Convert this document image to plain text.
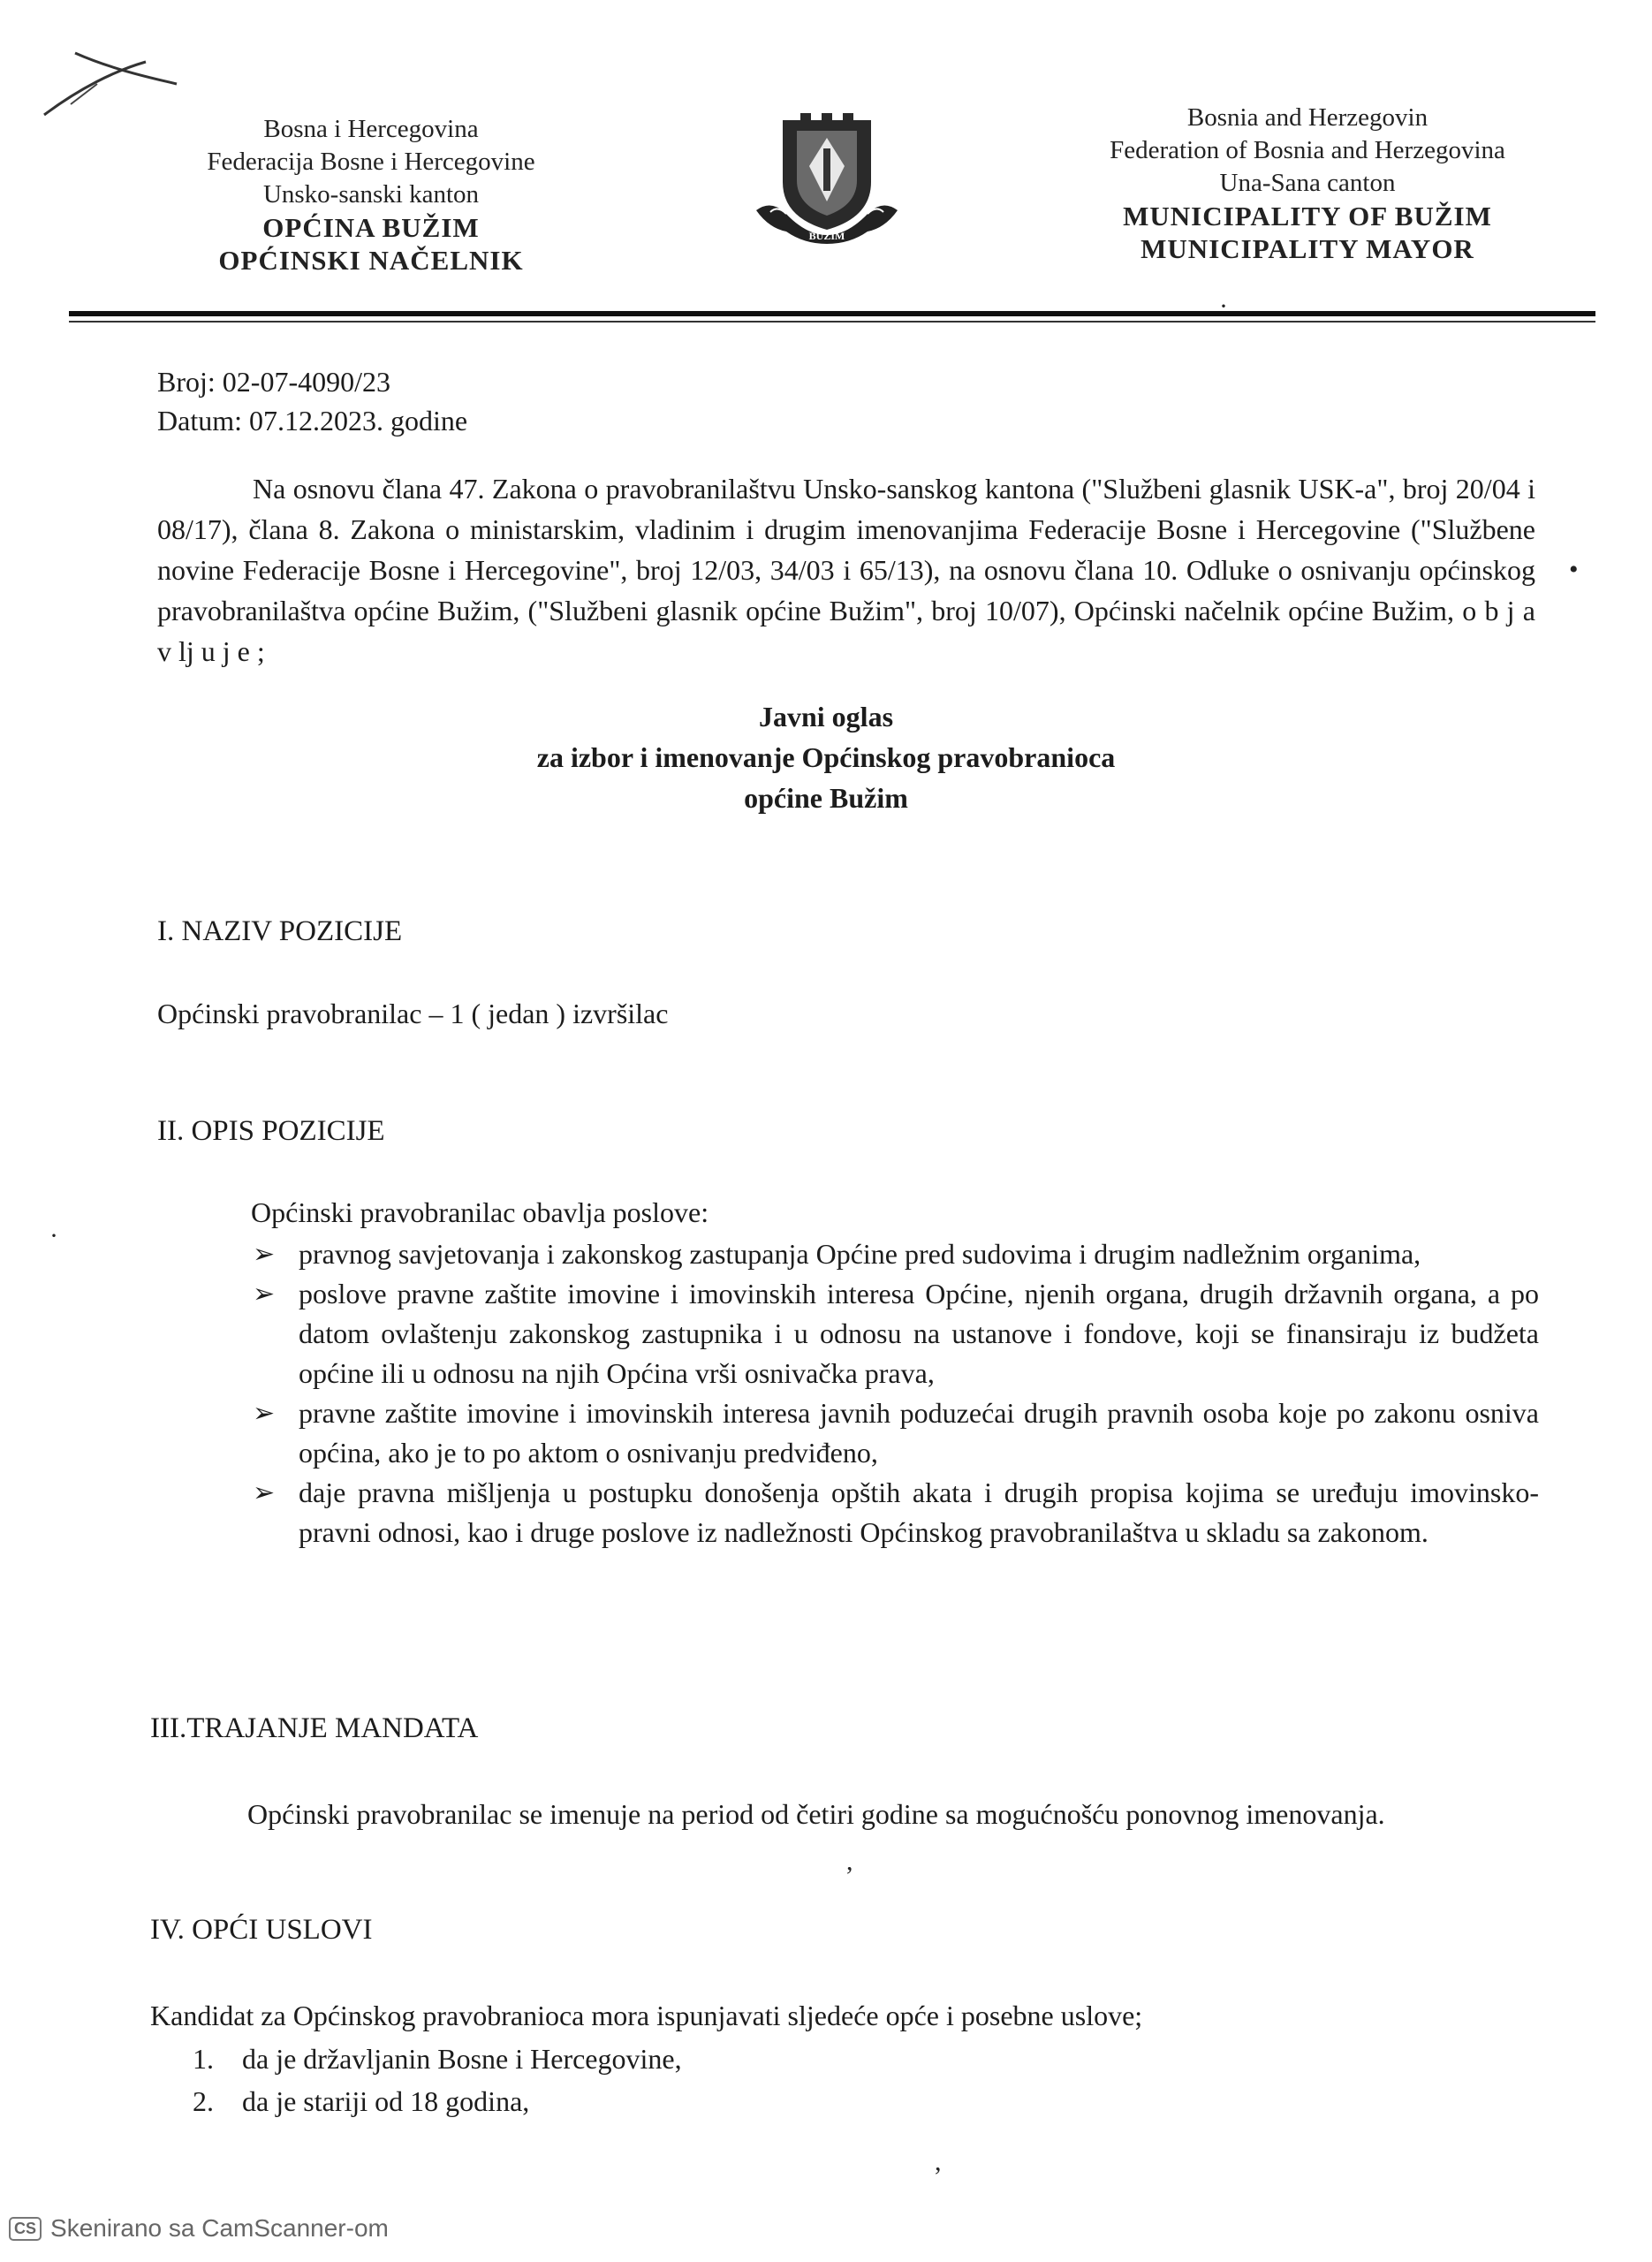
Bosna i Hercegovina
Federacija Bosne i Hercegovine
Unsko-sanski kanton
OPĆINA BUŽIM
OPĆINSKI NAČELNIK
BUŽIM
Bosnia and Herzegovin
Federation of Bosnia and Herzegovina
Una-Sana canton
MUNICIPALITY OF BUŽIM
MUNICIPALITY MAYOR
Broj: 02-07-4090/23
Datum: 07.12.2023. godine
Na osnovu člana 47. Zakona o pravobranilaštvu Unsko-sanskog kantona ("Službeni glasnik USK-a", broj 20/04 i 08/17), člana 8. Zakona o ministarskim, vladinim i drugim imenovanjima Federacije Bosne i Hercegovine ("Službene novine Federacije Bosne i Hercegovine", broj 12/03, 34/03 i 65/13), na osnovu člana 10. Odluke o osnivanju općinskog pravobranilaštva općine Bužim, ("Službeni glasnik općine Bužim", broj 10/07), Općinski načelnik općine Bužim, o b j a v lj u j e ;
Javni oglas
za izbor i imenovanje Općinskog pravobranioca
općine Bužim
I. NAZIV POZICIJE
Općinski pravobranilac – 1 ( jedan ) izvršilac
II. OPIS POZICIJE
Općinski pravobranilac obavlja poslove:
➢ pravnog savjetovanja i zakonskog zastupanja Općine pred sudovima i drugim nadležnim organima,
➢ poslove pravne zaštite imovine i imovinskih interesa Općine, njenih organa, drugih državnih organa, a po datom ovlaštenju zakonskog zastupnika i u odnosu na ustanove i fondove, koji se finansiraju iz budžeta općine ili u odnosu na njih Općina vrši osnivačka prava,
➢ pravne zaštite imovine i imovinskih interesa javnih poduzećai drugih pravnih osoba koje po zakonu osniva općina, ako je to po aktom o osnivanju predviđeno,
➢ daje pravna mišljenja u postupku donošenja opštih akata i drugih propisa kojima se uređuju imovinsko-pravni odnosi, kao i druge poslove iz nadležnosti Općinskog pravobranilaštva u skladu sa zakonom.
III.TRAJANJE MANDATA
Općinski pravobranilac se imenuje na period od četiri godine sa mogućnošću ponovnog imenovanja.
IV. OPĆI USLOVI
Kandidat za Općinskog pravobranioca mora ispunjavati sljedeće opće i posebne uslove;
1. da je državljanin Bosne i Hercegovine,
2. da je stariji od 18 godina,
·
•
·
,
,
CS Skenirano sa CamScanner-om
